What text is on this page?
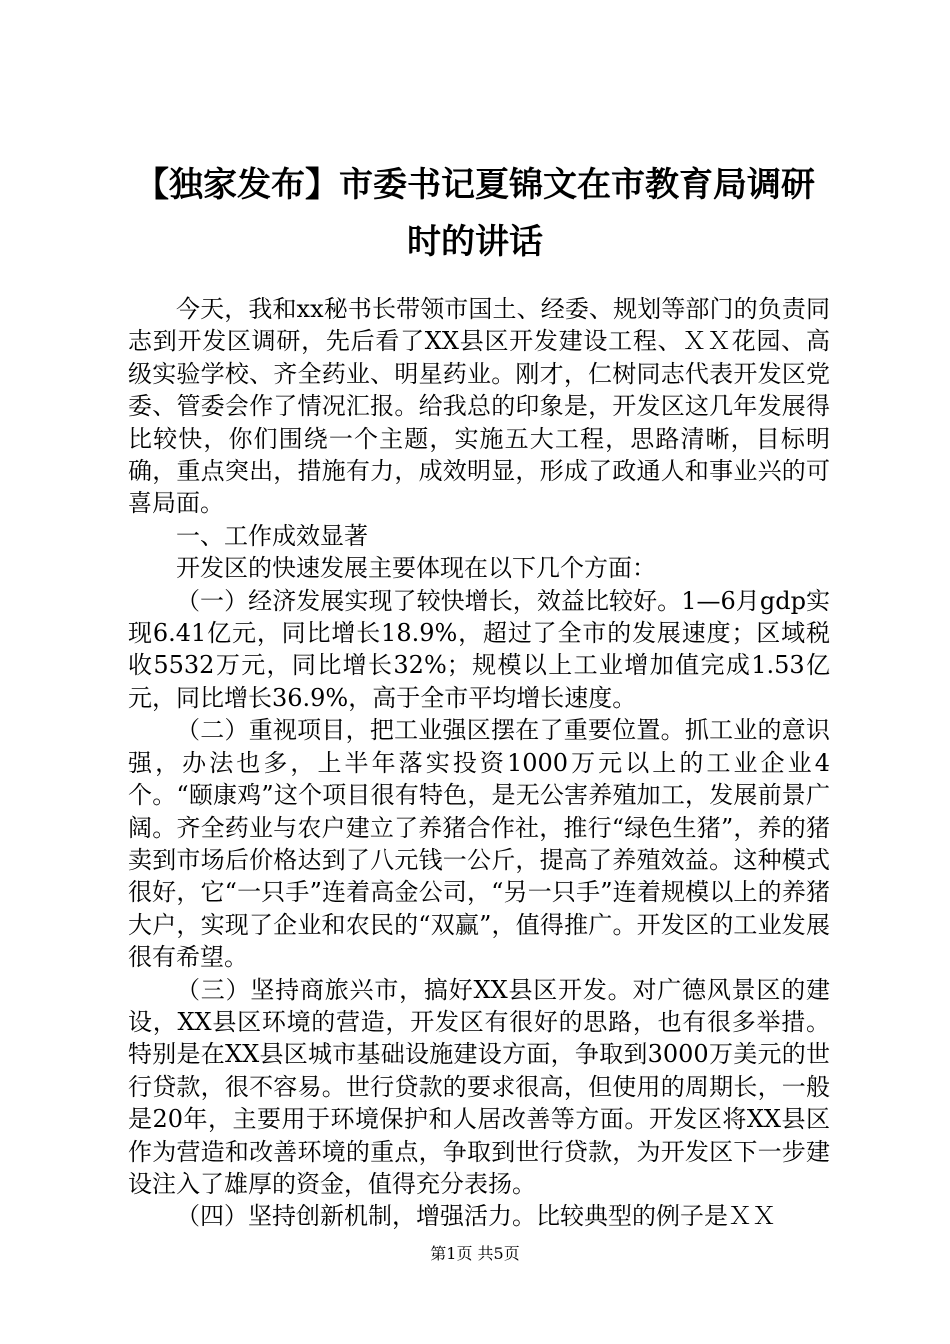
【独家发布】市委书记夏锦文在市教育局调研
时的讲话

今天，我和xx秘书长带领市国土、经委、规划等部门的负责同志到开发区调研，先后看了XX县区开发建设工程、ＸＸ花园、高级实验学校、齐全药业、明星药业。刚才，仁树同志代表开发区党委、管委会作了情况汇报。给我总的印象是，开发区这几年发展得比较快，你们围绕一个主题，实施五大工程，思路清晰，目标明确，重点突出，措施有力，成效明显，形成了政通人和事业兴的可喜局面。

一、工作成效显著

开发区的快速发展主要体现在以下几个方面：

（一）经济发展实现了较快增长，效益比较好。1—6月gdp实现6.41亿元，同比增长18.9%，超过了全市的发展速度；区域税收5532万元，同比增长32%；规模以上工业增加值完成1.53亿元，同比增长36.9%，高于全市平均增长速度。

（二）重视项目，把工业强区摆在了重要位置。抓工业的意识强，办法也多，上半年落实投资1000万元以上的工业企业4个。“颐康鸡”这个项目很有特色，是无公害养殖加工，发展前景广阔。齐全药业与农户建立了养猪合作社，推行“绿色生猪”，养的猪卖到市场后价格达到了八元钱一公斤，提高了养殖效益。这种模式很好，它“一只手”连着高金公司，“另一只手”连着规模以上的养猪大户，实现了企业和农民的“双赢”，值得推广。开发区的工业发展很有希望。

（三）坚持商旅兴市，搞好XX县区开发。对广德风景区的建设，XX县区环境的营造，开发区有很好的思路，也有很多举措。特别是在XX县区城市基础设施建设方面，争取到3000万美元的世行贷款，很不容易。世行贷款的要求很高，但使用的周期长，一般是20年，主要用于环境保护和人居改善等方面。开发区将XX县区作为营造和改善环境的重点，争取到世行贷款，为开发区下一步建设注入了雄厚的资金，值得充分表扬。

（四）坚持创新机制，增强活力。比较典型的例子是ＸＸ

第1页 共5页
